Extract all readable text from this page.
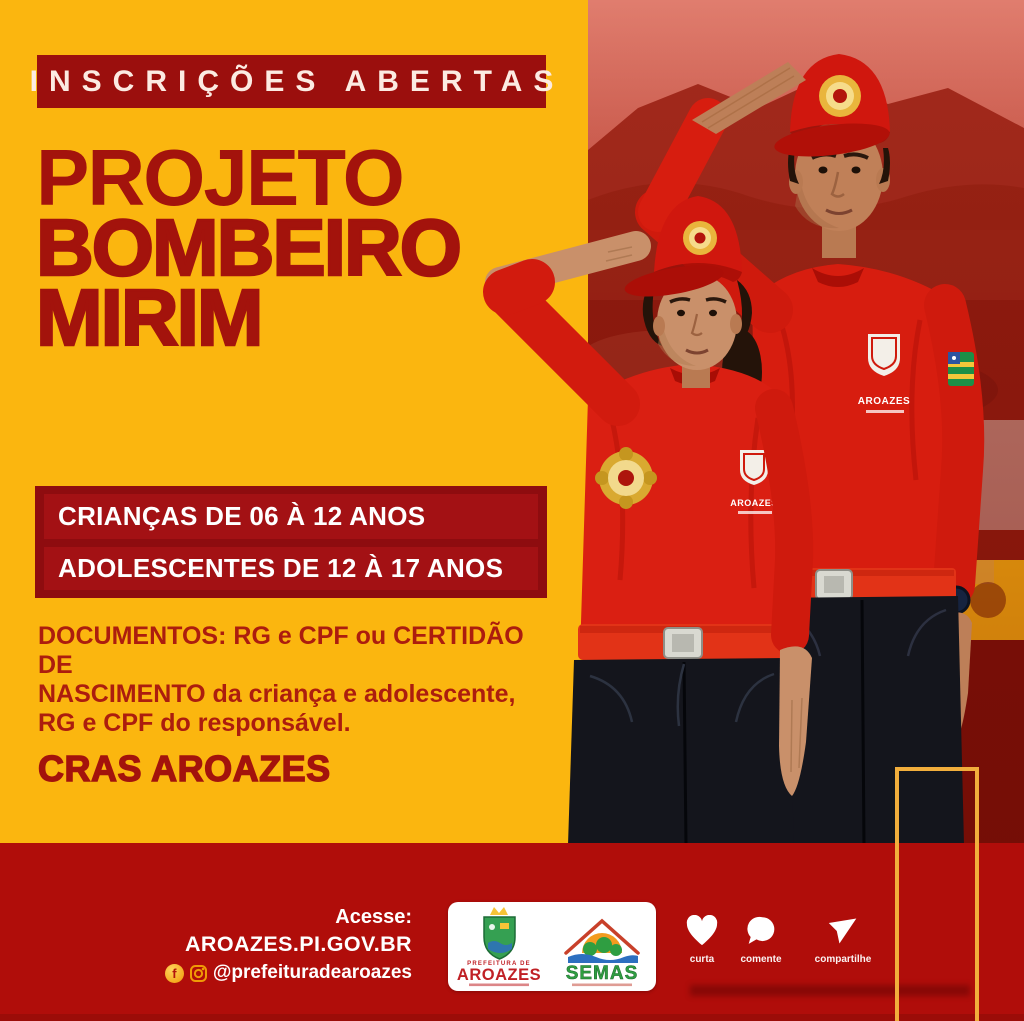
AROAZES
AROAZES
INSCRIÇÕES ABERTAS
PROJETO
BOMBEIRO
MIRIM
CRIANÇAS DE 06 À 12 ANOS
ADOLESCENTES DE 12 À 17 ANOS
DOCUMENTOS: RG e CPF ou CERTIDÃO DE
NASCIMENTO da criança e adolescente,
RG e CPF do responsável.
CRAS AROAZES
Acesse:
AROAZES.PI.GOV.BR
f	@prefeituradearoazes	PREFEITURA DE
AROAZES SEMAS
curta	comente	compartilhe
